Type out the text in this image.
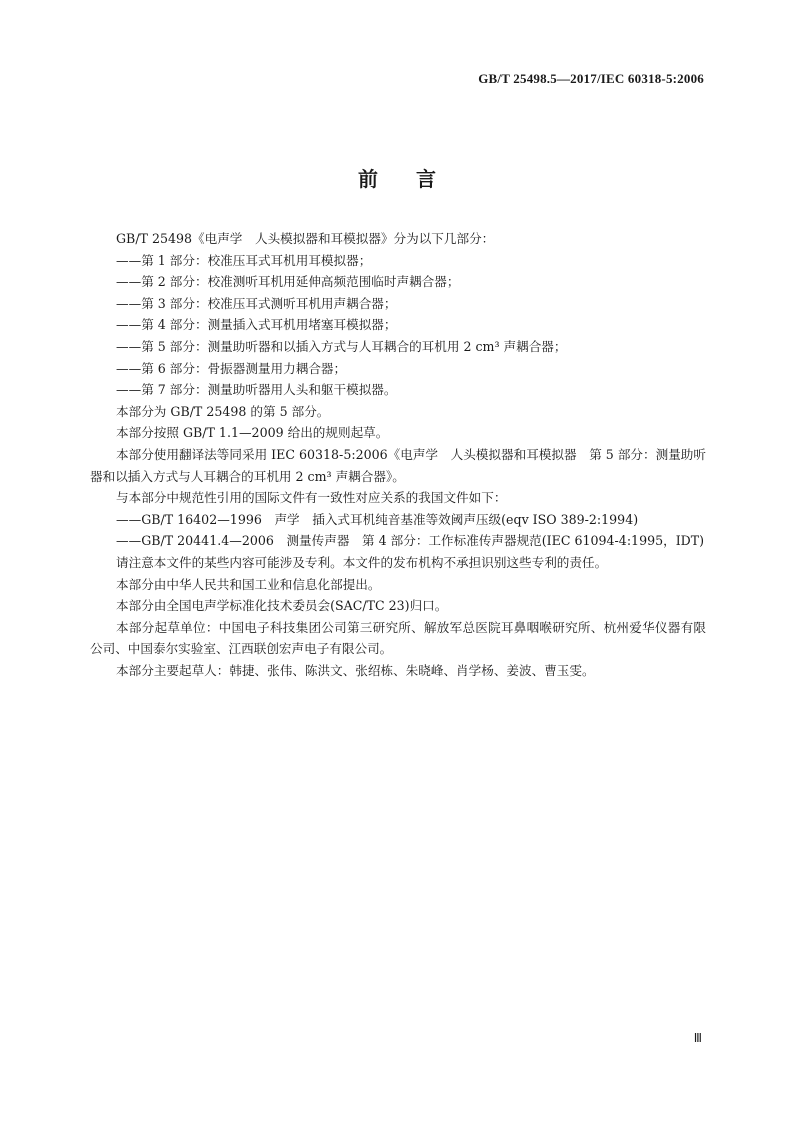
GB/T 25498.5—2017/IEC 60318-5:2006
前言

GB/T 25498《电声学　人头模拟器和耳模拟器》分为以下几部分：

——第 1 部分：校准压耳式耳机用耳模拟器；

——第 2 部分：校准测听耳机用延伸高频范围临时声耦合器；

——第 3 部分：校准压耳式测听耳机用声耦合器；

——第 4 部分：测量插入式耳机用堵塞耳模拟器；

——第 5 部分：测量助听器和以插入方式与人耳耦合的耳机用 2 cm³ 声耦合器；

——第 6 部分：骨振器测量用力耦合器；

——第 7 部分：测量助听器用人头和躯干模拟器。

本部分为 GB/T 25498 的第 5 部分。

本部分按照 GB/T 1.1—2009 给出的规则起草。

本部分使用翻译法等同采用 IEC 60318-5:2006《电声学　人头模拟器和耳模拟器　第 5 部分：测量助听器和以插入方式与人耳耦合的耳机用 2 cm³ 声耦合器》。

与本部分中规范性引用的国际文件有一致性对应关系的我国文件如下：

——GB/T 16402—1996　声学　插入式耳机纯音基准等效阈声压级(eqv ISO 389-2:1994)

——GB/T 20441.4—2006　测量传声器　第 4 部分：工作标准传声器规范(IEC 61094-4:1995，IDT)

请注意本文件的某些内容可能涉及专利。本文件的发布机构不承担识别这些专利的责任。

本部分由中华人民共和国工业和信息化部提出。

本部分由全国电声学标准化技术委员会(SAC/TC 23)归口。

本部分起草单位：中国电子科技集团公司第三研究所、解放军总医院耳鼻咽喉研究所、杭州爱华仪器有限公司、中国泰尔实验室、江西联创宏声电子有限公司。

本部分主要起草人：韩捷、张伟、陈洪文、张绍栋、朱晓峰、肖学杨、姜波、曹玉雯。

Ⅲ
